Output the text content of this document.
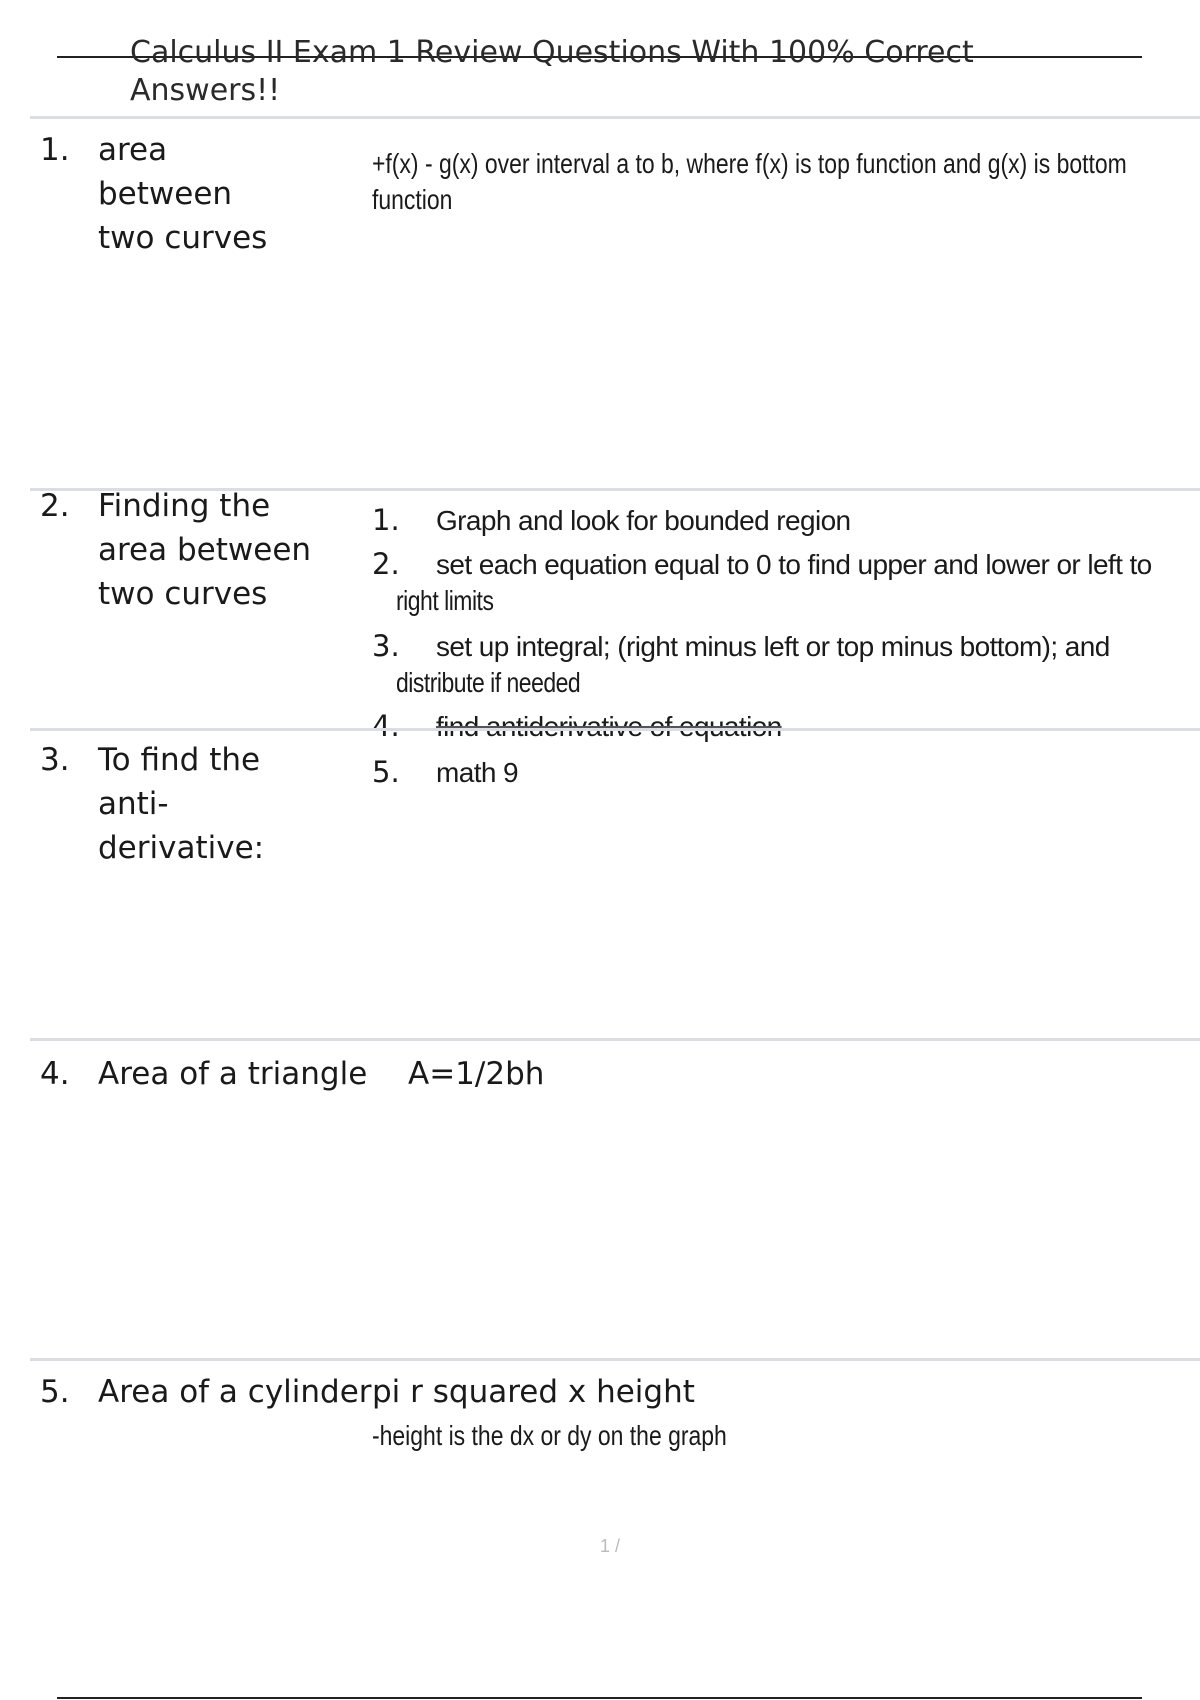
Calculus II Exam 1 Review Questions With 100% Correct
Answers!!
1. area
between
two curves
+f(x) - g(x) over interval a to b, where f(x) is top function and g(x) is bottom
function
2. Finding the
area between
two curves
1. Graph and look for bounded region
2. set each equation equal to 0 to find upper and lower or left to
right limits
3. set up integral; (right minus left or top minus bottom); and
distribute if needed
4. find antiderivative of equation
5. math 9
3. To find the
anti-
derivative:
4. Area of a triangle A=1/2bh
5. Area of a cylinder pi r squared x height
-height is the dx or dy on the graph
1 /
